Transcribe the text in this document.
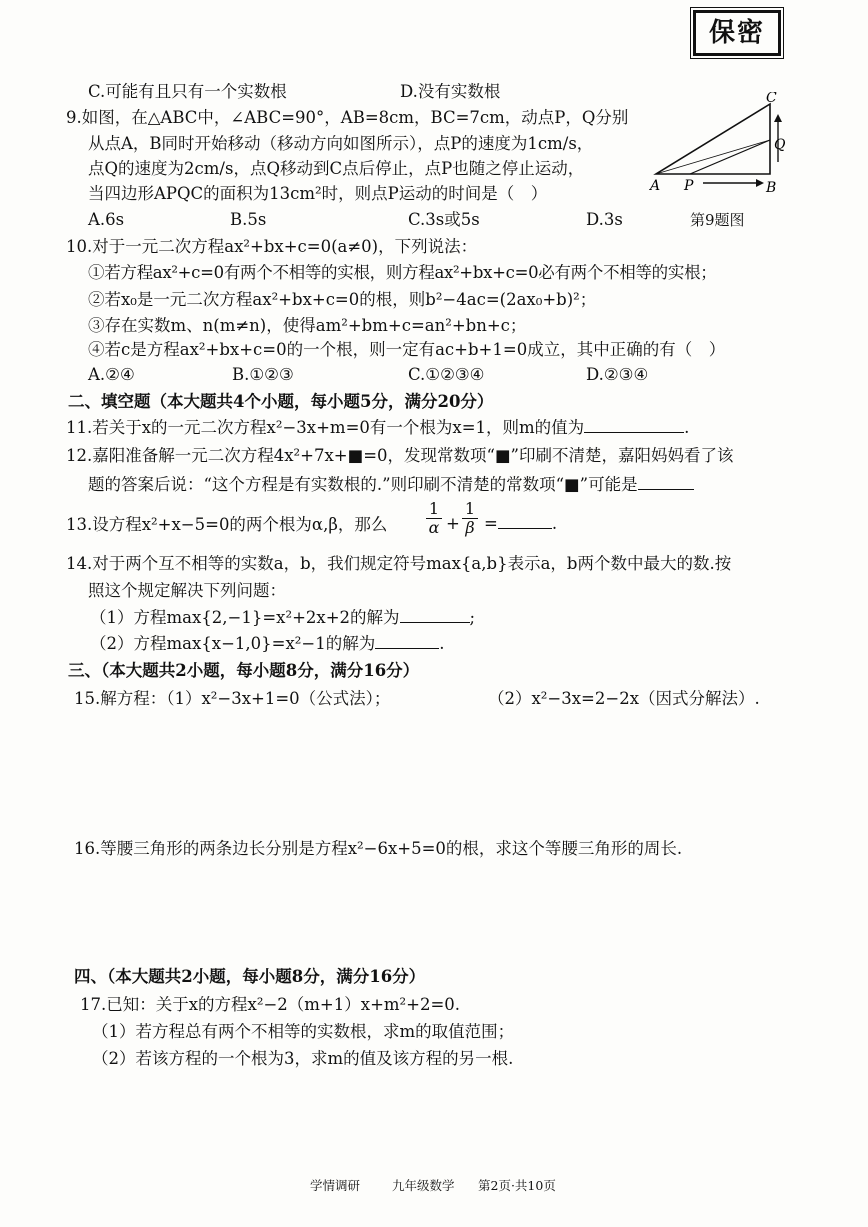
保密
C.可能有且只有一个实数根	D.没有实数根
9.如图，在△ABC中，∠ABC=90°，AB=8cm，BC=7cm，动点P，Q分别
从点A，B同时开始移动（移动方向如图所示），点P的速度为1cm/s，
点Q的速度为2cm/s，点Q移动到C点后停止，点P也随之停止运动，
当四边形APQC的面积为13cm²时，则点P运动的时间是（　）
A.6s	B.5s	C.3s或5s	D.3s	第9题图
C
Q
A P	B
10.对于一元二次方程ax²+bx+c=0(a≠0)，下列说法：
①若方程ax²+c=0有两个不相等的实根，则方程ax²+bx+c=0必有两个不相等的实根；
②若x₀是一元二次方程ax²+bx+c=0的根，则b²−4ac=(2ax₀+b)²；
③存在实数m、n(m≠n)，使得am²+bm+c=an²+bn+c；
④若c是方程ax²+bx+c=0的一个根，则一定有ac+b+1=0成立，其中正确的有（　）
A.②④	B.①②③	C.①②③④	D.②③④
二、填空题（本大题共4个小题，每小题5分，满分20分）
11.若关于x的一元二次方程x²−3x+m=0有一个根为x=1，则m的值为	.
12.嘉阳准备解一元二次方程4x²+7x+■=0，发现常数项“■”印刷不清楚，嘉阳妈妈看了该
题的答案后说：“这个方程是有实数根的.”则印刷不清楚的常数项“■”可能是
13.设方程x²+x−5=0的两个根为α,β，那么 $\frac{1}{\alpha} + \frac{1}{\beta}$ =	.
14.对于两个互不相等的实数a，b，我们规定符号max{a,b}表示a，b两个数中最大的数.按
照这个规定解决下列问题：
（1）方程max{2,−1}=x²+2x+2的解为	;
（2）方程max{x−1,0}=x²−1的解为	.
三、（本大题共2小题，每小题8分，满分16分）
15.解方程：（1）x²−3x+1=0（公式法）；	（2）x²−3x=2−2x（因式分解法）.
16.等腰三角形的两条边长分别是方程x²−6x+5=0的根，求这个等腰三角形的周长.
四、（本大题共2小题，每小题8分，满分16分）
17.已知：关于x的方程x²−2（m+1）x+m²+2=0.
（1）若方程总有两个不相等的实数根，求m的取值范围；
（2）若该方程的一个根为3，求m的值及该方程的另一根.
学情调研	九年级数学 第2页·共10页
